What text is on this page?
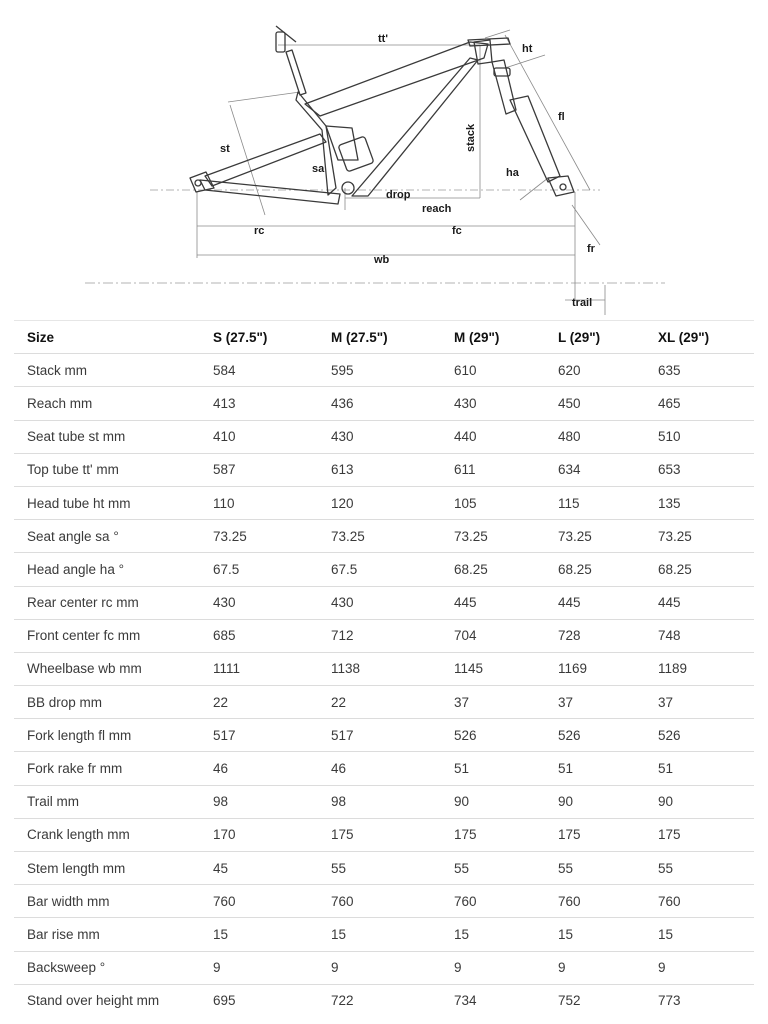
tt'
ht
fl
stack
st
sa	ha
drop
reach
rc	fc
wb
fr
trail
Size	S (27.5")	M (27.5")	M (29")	L (29")	XL (29")
Stack mm	584	595	610	620	635
Reach mm	413	436	430	450	465
Seat tube st mm	410	430	440	480	510
Top tube tt' mm	587	613	611	634	653
Head tube ht mm	110	120	105	115	135
Seat angle sa °	73.25	73.25	73.25	73.25	73.25
Head angle ha °	67.5	67.5	68.25	68.25	68.25
Rear center rc mm	430	430	445	445	445
Front center fc mm	685	712	704	728	748
Wheelbase wb mm	1111	1138	1145	1169	1189
BB drop mm	22	22	37	37	37
Fork length fl mm	517	517	526	526	526
Fork rake fr mm	46	46	51	51	51
Trail mm	98	98	90	90	90
Crank length mm	170	175	175	175	175
Stem length mm	45	55	55	55	55
Bar width mm	760	760	760	760	760
Bar rise mm	15	15	15	15	15
Backsweep °	9	9	9	9	9
Stand over height mm	695	722	734	752	773
